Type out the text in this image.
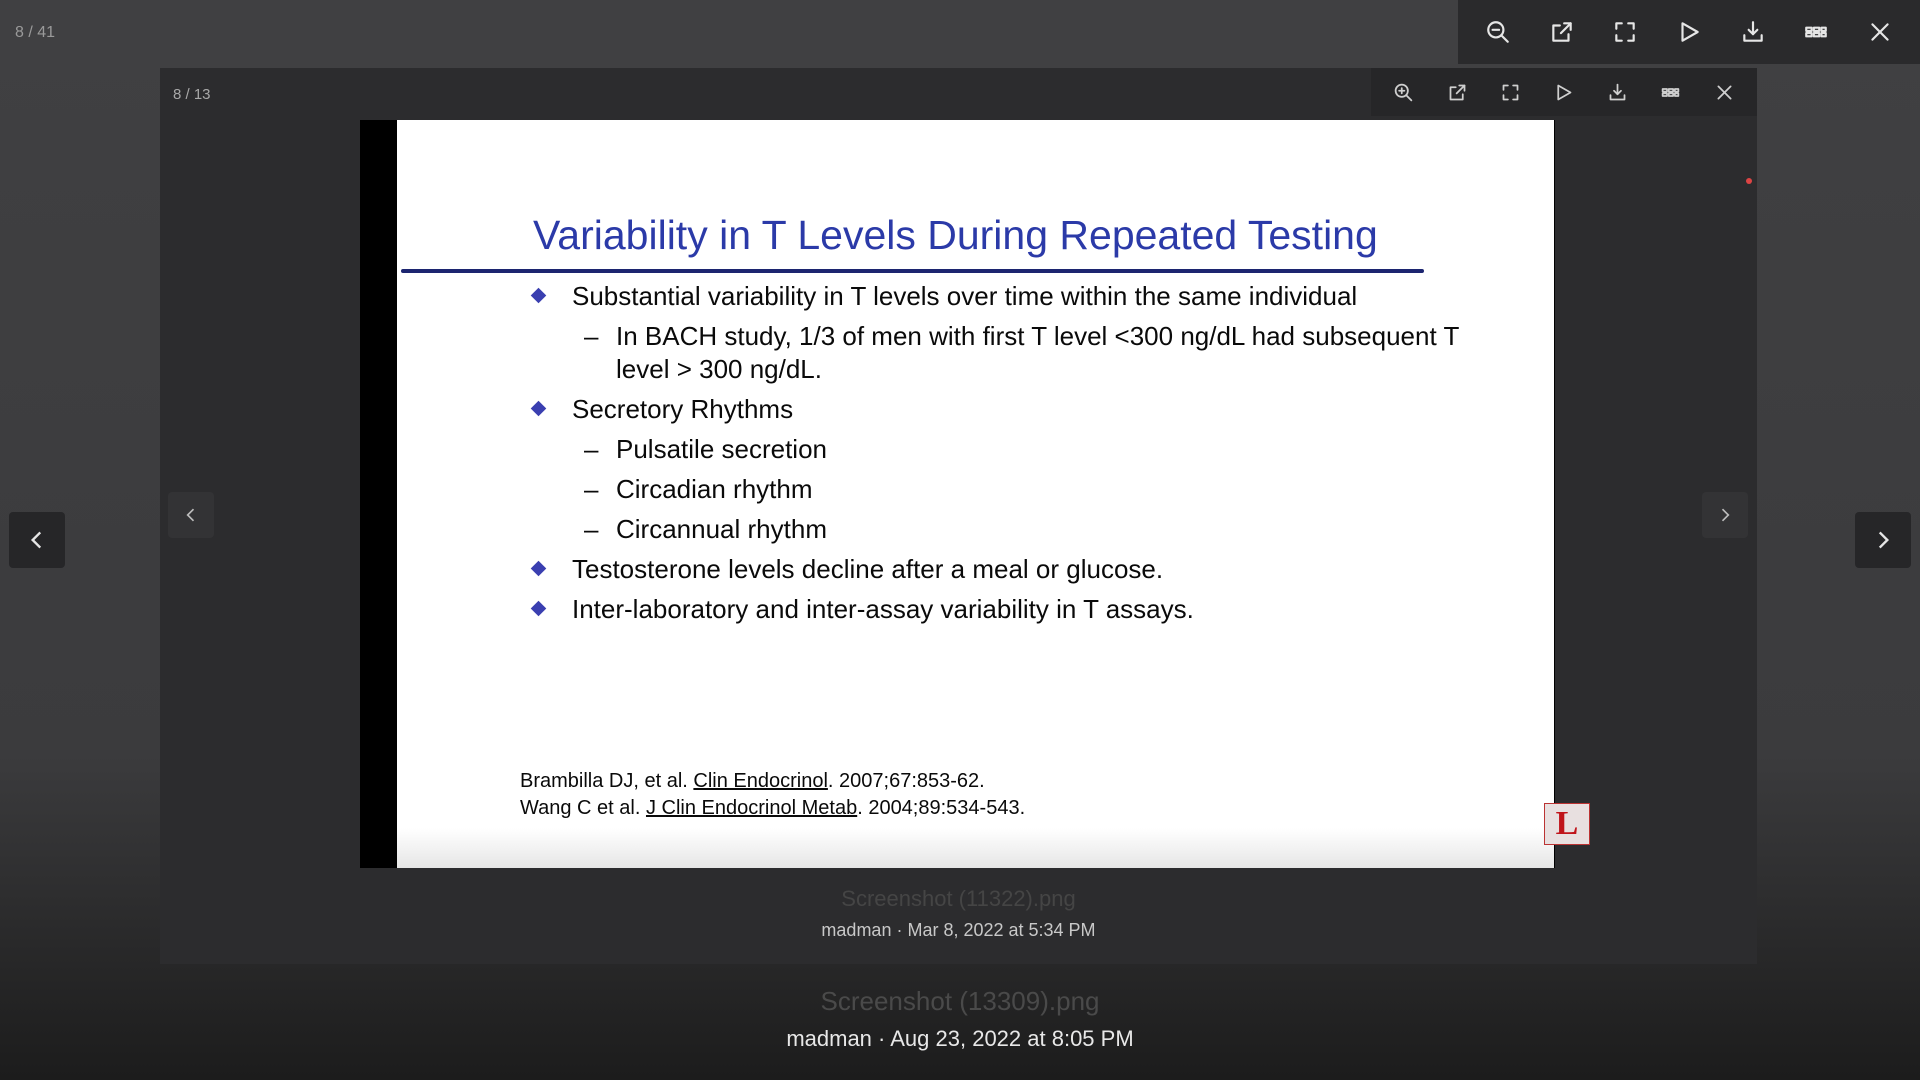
8 / 41
8 / 13
Variability in T Levels During Repeated Testing
Substantial variability in T levels over time within the same individual
– In BACH study, 1/3 of men with first T level <300 ng/dL had subsequent T level > 300 ng/dL.
Secretory Rhythms
– Pulsatile secretion
– Circadian rhythm
– Circannual rhythm
Testosterone levels decline after a meal or glucose.
Inter-laboratory and inter-assay variability in T assays.
Brambilla DJ, et al. Clin Endocrinol. 2007;67:853-62.
Wang C et al. J Clin Endocrinol Metab. 2004;89:534-543.	L
Screenshot (11322).png
madman · Mar 8, 2022 at 5:34 PM
Screenshot (13309).png
madman · Aug 23, 2022 at 8:05 PM
